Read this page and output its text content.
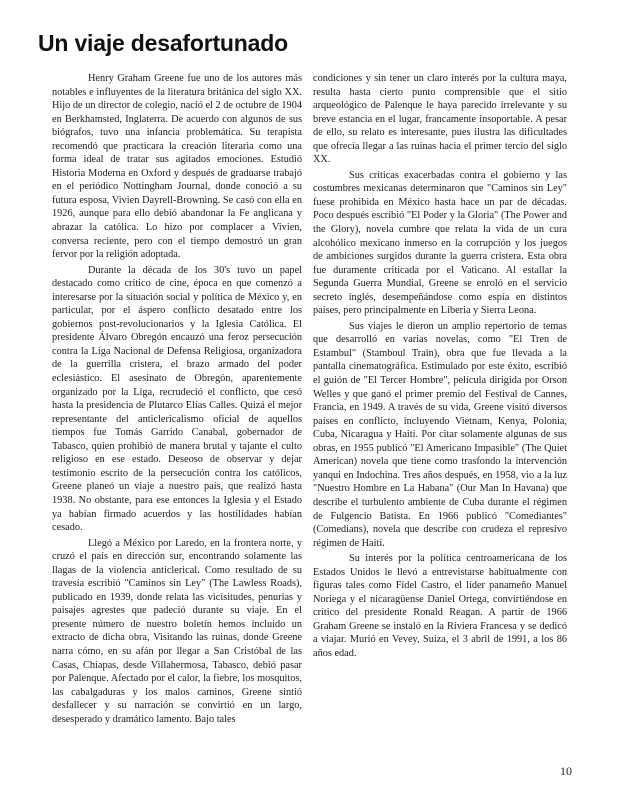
Un viaje desafortunado

Henry Graham Greene fue uno de los autores más notables e influyentes de la literatura británica del siglo XX. Hijo de un director de colegio, nació el 2 de octubre de 1904 en Berkhamsted, Inglaterra. De acuerdo con algunos de sus biógrafos, tuvo una infancia problemática. Su terapista recomendó que practicara la creación literaria como una forma ideal de tratar sus agitados emociones. Estudió Historia Moderna en Oxford y después de graduarse trabajó en el periódico Nottingham Journal, donde conoció a su futura esposa, Vivien Dayrell-Browning. Se casó con ella en 1926, aunque para ello debió abandonar la Fe anglicana y abrazar la católica. Lo hizo por complacer a Vivien, conversa reciente, pero con el tiempo demostró un gran fervor por la religión adoptada.

Durante la década de los 30's tuvo un papel destacado como crítico de cine, época en que comenzó a interesarse por la situación social y política de México y, en particular, por el áspero conflicto desatado entre los gobiernos post-revolucionarios y la Iglesia Católica. El presidente Álvaro Obregón encauzó una feroz persecución contra la Liga Nacional de Defensa Religiosa, organizadora de la guerrilla cristera, el brazo armado del poder eclesiástico. El asesinato de Obregón, aparentemente organizado por la Liga, recrudeció el conflicto, que cesó hasta la presidencia de Plutarco Elías Calles. Quizá el mejor representante del anticlericalismo oficial de aquellos tiempos fue Tomás Garrido Canabal, gobernador de Tabasco, quien prohibió de manera brutal y tajante el culto religioso en ese estado. Deseoso de observar y dejar testimonio escrito de la persecución contra los católicos, Greene planeó un viaje a nuestro país, que realizó hasta 1938. No obstante, para ese entonces la Iglesia y el Estado ya habían firmado acuerdos y las hostilidades habían cesado.

Llegó a México por Laredo, en la frontera norte, y cruzó el país en dirección sur, encontrando solamente las llagas de la violencia anticlerical. Como resultado de su travesía escribió "Caminos sin Ley" (The Lawless Roads), publicado en 1939, donde relata las vicisitudes, penurias y paisajes agrestes que padeció durante su viaje. En el presente número de nuestro boletín hemos incluido un extracto de dicha obra, Visitando las ruinas, donde Greene narra cómo, en su afán por llegar a San Cristóbal de las Casas, Chiapas, desde Villahermosa, Tabasco, debió pasar por Palenque. Afectado por el calor, la fiebre, los mosquitos, las cabalgaduras y los malos caminos, Greene sintió desfallecer y su narración se convirtió en un largo, desesperado y dramático lamento. Bajo tales

condiciones y sin tener un claro interés por la cultura maya, resulta hasta cierto punto comprensible que el sitio arqueológico de Palenque le haya parecido irrelevante y su breve estancia en el lugar, francamente insoportable. A pesar de ello, su relato es interesante, pues ilustra las dificultades que ofrecía llegar a las ruinas hacia el primer tercio del siglo XX.

Sus críticas exacerbadas contra el gobierno y las costumbres mexicanas determinaron que "Caminos sin Ley" fuese prohibida en México hasta hace un par de décadas. Poco después escribió "El Poder y la Gloria" (The Power and the Glory), novela cumbre que relata la vida de un cura alcohólico mexicano inmerso en la corrupción y los juegos de ambiciones surgidos durante la guerra cristera. Esta obra fue duramente criticada por el Vaticano. Al estallar la Segunda Guerra Mundial, Greene se enroló en el servicio secreto inglés, desempeñándose como espía en distintos países, pero principalmente en Liberia y Sierra Leona.

Sus viajes le dieron un amplio repertorio de temas que desarrolló en varias novelas, como "El Tren de Estambul" (Stamboul Train), obra que fue llevada a la pantalla cinematográfica. Estimulado por este éxito, escribió el guión de "El Tercer Hombre", película dirigida por Orson Welles y que ganó el primer premio del Festival de Cannes, Francia, en 1949. A través de su vida, Greene visitó diversos países en conflicto, incluyendo Vietnam, Kenya, Polonia, Cuba, Nicaragua y Haití. Por citar solamente algunas de sus obras, en 1955 publicó "El Americano Impasible" (The Quiet American) novela que tiene como trasfondo la intervención yanqui en Indochina. Tres años después, en 1958, vio a la luz "Nuestro Hombre en La Habana" (Our Man In Havana) que describe el turbulento ambiente de Cuba durante el régimen de Fulgencio Batista. En 1966 publicó "Comediantes" (Comedians), novela que describe con crudeza el represivo régimen de Haití.

Su interés por la política centroamericana de los Estados Unidos le llevó a entrevistarse habitualmente con figuras tales como Fidel Castro, el líder panameño Manuel Noriega y el nicaragüense Daniel Ortega, convirtiéndose en crítico del presidente Ronald Reagan. A partir de 1966 Graham Greene se instaló en la Riviera Francesa y se dedicó a viajar. Murió en Vevey, Suiza, el 3 abril de 1991, a los 86 años edad.

10
